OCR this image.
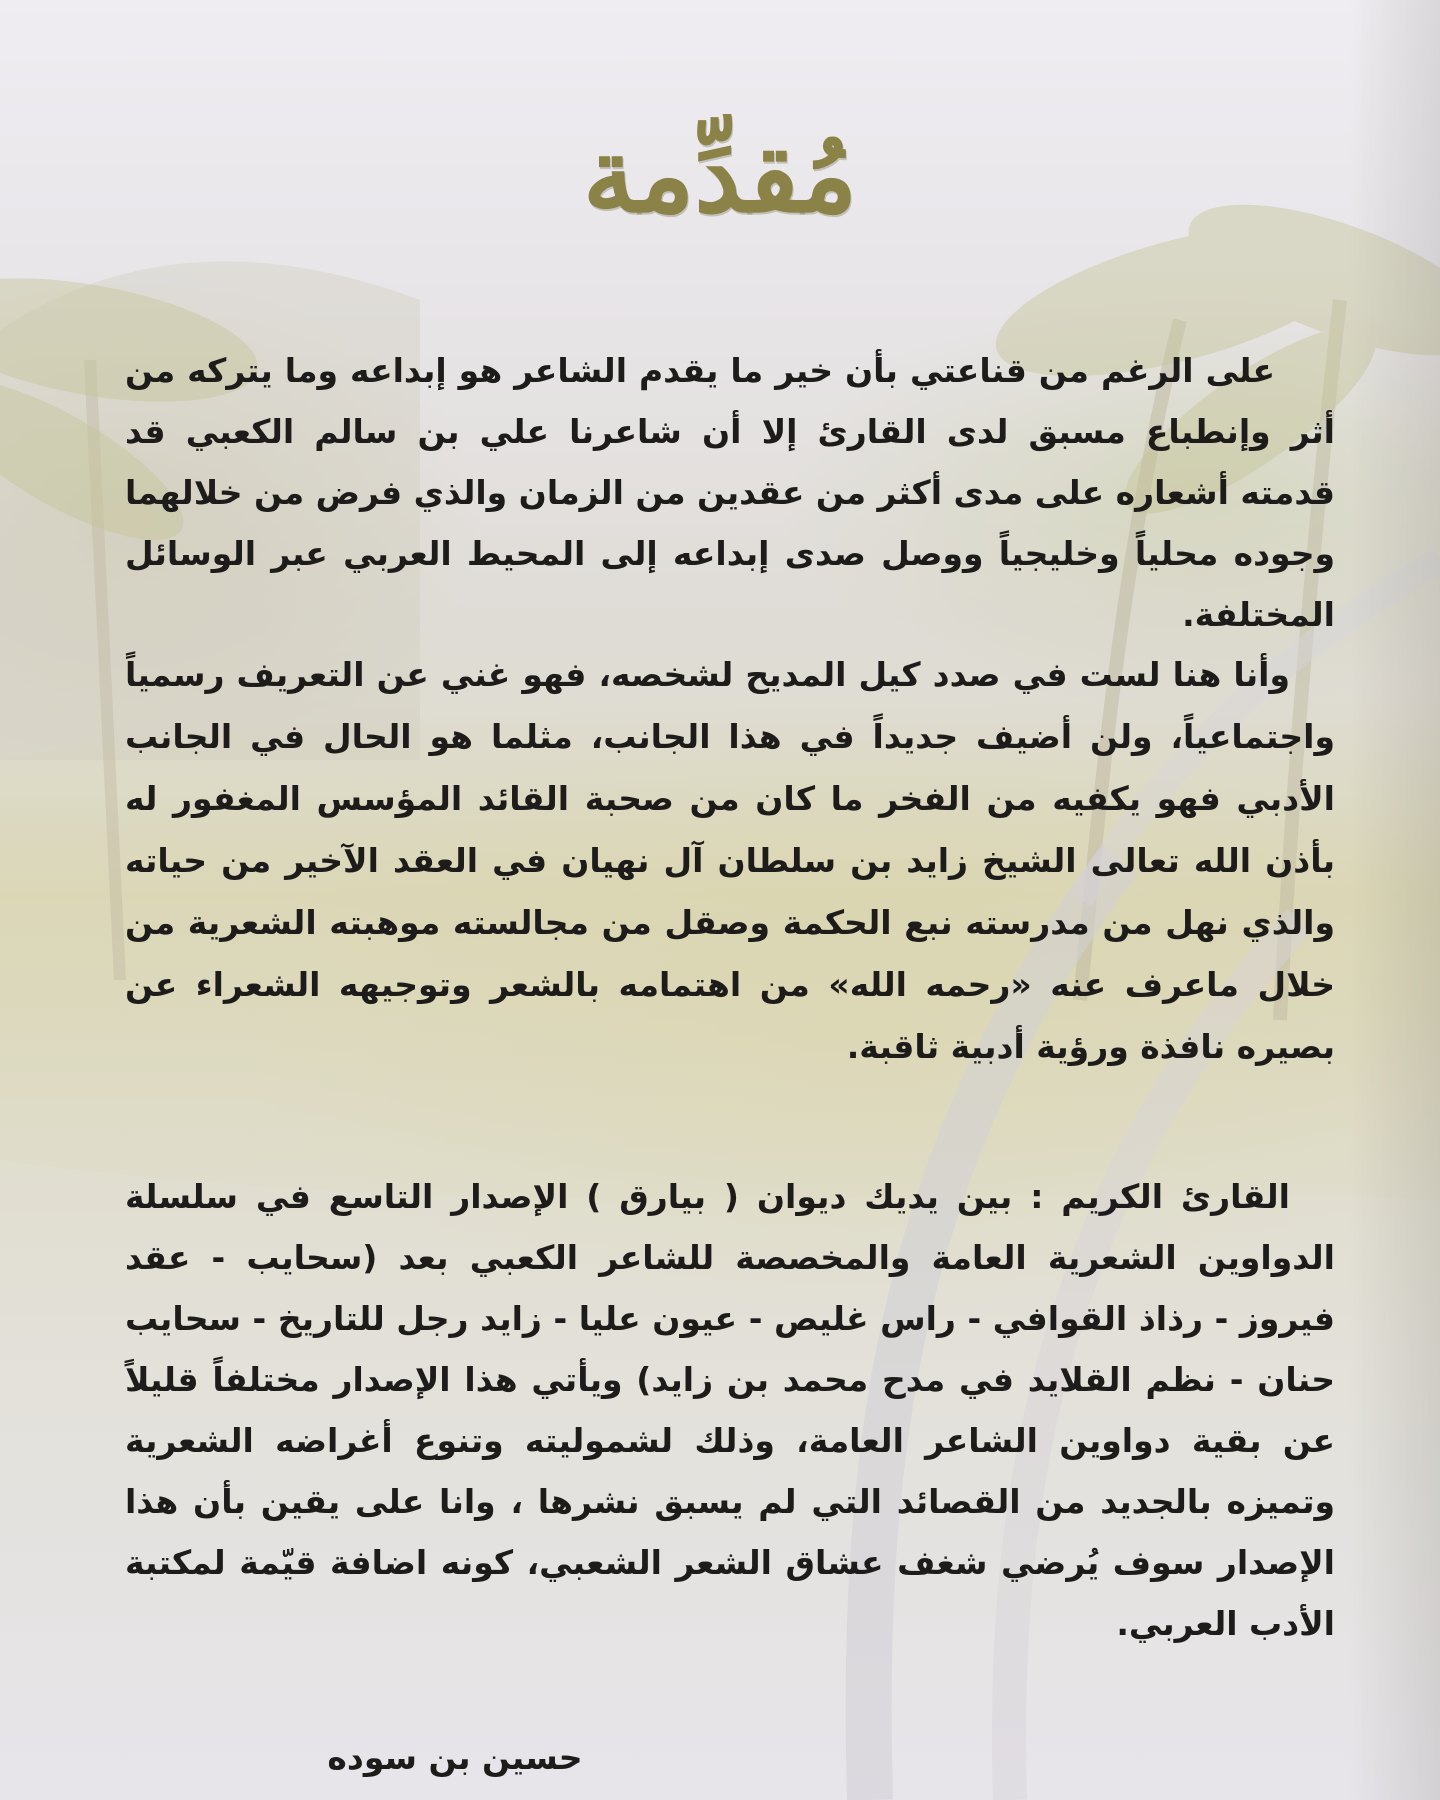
مُقدِّمة

على الرغم من قناعتي بأن خير ما يقدم الشاعر هو إبداعه وما يتركه من أثر وإنطباع مسبق لدى القارئ إلا أن شاعرنا علي بن سالم الكعبي قد قدمته أشعاره على مدى أكثر من عقدين من الزمان والذي فرض من خلالهما وجوده محلياً وخليجياً ووصل صدى إبداعه إلى المحيط العربي عبر الوسائل المختلفة.

وأنا هنا لست في صدد كيل المديح لشخصه، فهو غني عن التعريف رسمياً واجتماعياً، ولن أضيف جديداً في هذا الجانب، مثلما هو الحال في الجانب الأدبي فهو يكفيه من الفخر ما كان من صحبة القائد المؤسس المغفور له بأذن الله تعالى الشيخ زايد بن سلطان آل نهيان في العقد الآخير من حياته والذي نهل من مدرسته نبع الحكمة وصقل من مجالسته موهبته الشعرية من خلال ماعرف عنه «رحمه الله» من اهتمامه بالشعر وتوجيهه الشعراء عن بصيره نافذة ورؤية أدبية ثاقبة.

القارئ الكريم : بين يديك ديوان ( بيارق ) الإصدار التاسع في سلسلة الدواوين الشعرية العامة والمخصصة للشاعر الكعبي بعد (سحايب - عقد فيروز - رذاذ القوافي - راس غليص - عيون عليا - زايد رجل للتاريخ - سحايب حنان - نظم القلايد في مدح محمد بن زايد) ويأتي هذا الإصدار مختلفاً قليلاً عن بقية دواوين الشاعر العامة، وذلك لشموليته وتنوع أغراضه الشعرية وتميزه بالجديد من القصائد التي لم يسبق نشرها ، وانا على يقين بأن هذا الإصدار سوف يُرضي شغف عشاق الشعر الشعبي، كونه اضافة قيّمة لمكتبة الأدب العربي.

حسين بن سوده
